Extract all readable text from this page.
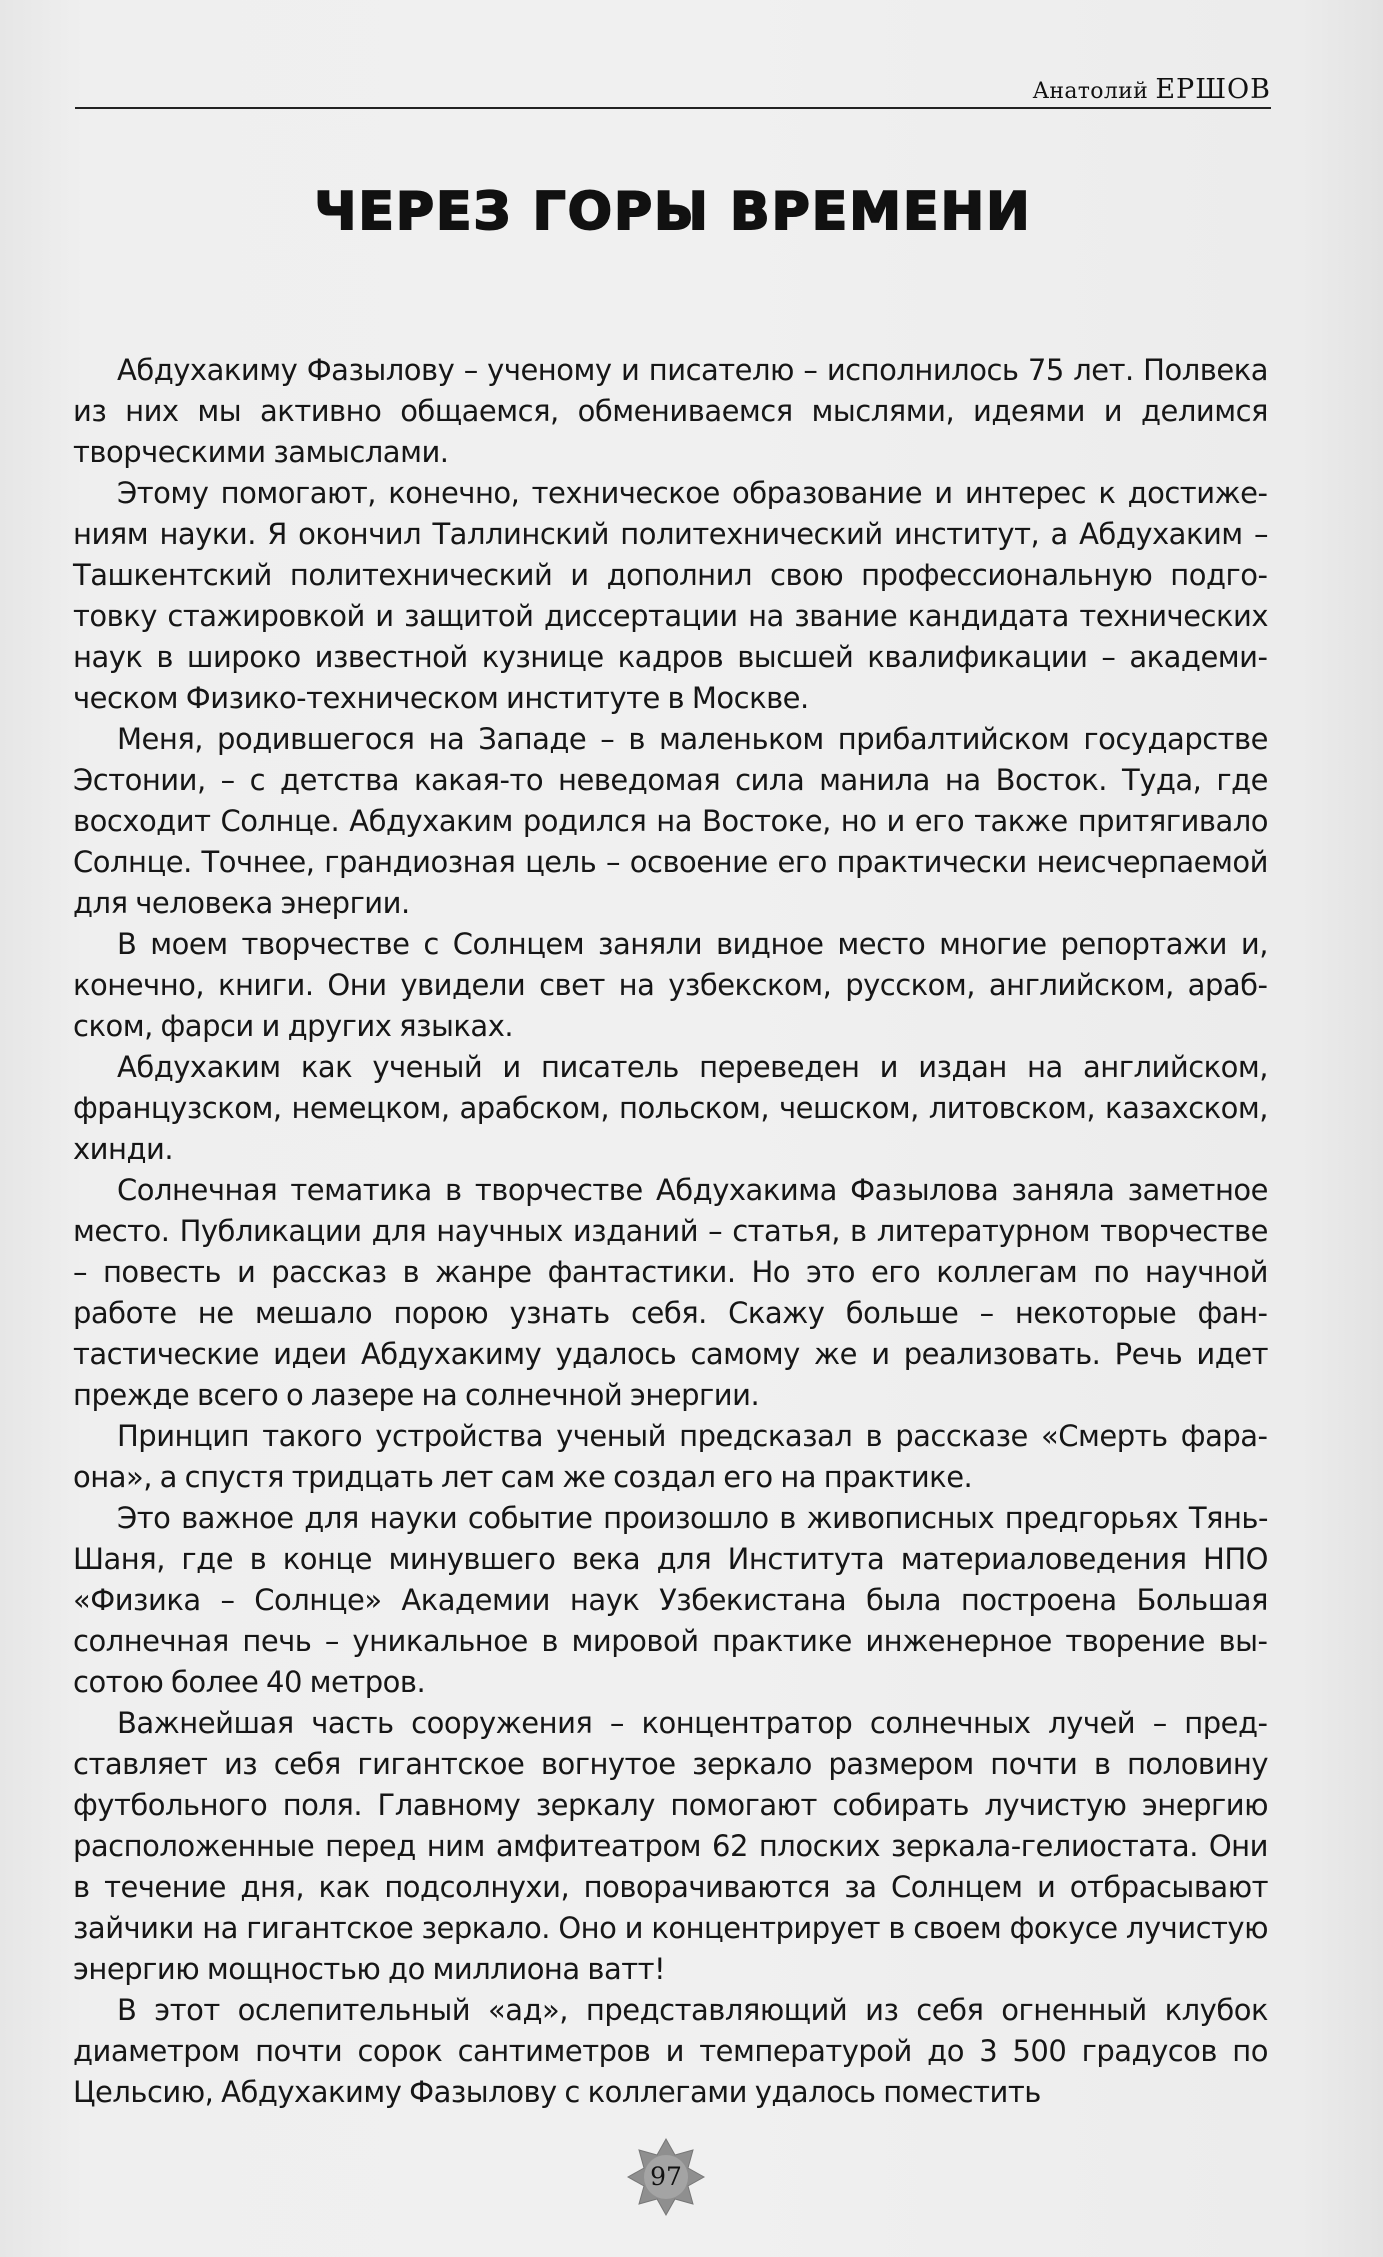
Анатолий ЕРШОВ
ЧЕРЕЗ ГОРЫ ВРЕМЕНИ

Абдухакиму Фазылову – ученому и писателю – исполнилось 75 лет. Полвека из них мы активно общаемся, обмениваемся мыслями, идеями и делимся творческими замыслами.

Этому помогают, конечно, техническое образование и интерес к достижениям науки. Я окончил Таллинский политехнический институт, а Абдухаким – Ташкентский политехнический и дополнил свою профессиональную подготовку стажировкой и защитой диссертации на звание кандидата технических наук в широко известной кузнице кадров высшей квалификации – академическом Физико-техническом институте в Москве.

Меня, родившегося на Западе – в маленьком прибалтийском государстве Эстонии, – с детства какая-то неведомая сила манила на Восток. Туда, где восходит Солнце. Абдухаким родился на Востоке, но и его также притягивало Солнце. Точнее, грандиозная цель – освоение его практически неисчерпаемой для человека энергии.

В моем творчестве с Солнцем заняли видное место многие репортажи и, конечно, книги. Они увидели свет на узбекском, русском, английском, арабском, фарси и других языках.

Абдухаким как ученый и писатель переведен и издан на английском, французском, немецком, арабском, польском, чешском, литовском, казахском, хинди.

Солнечная тематика в творчестве Абдухакима Фазылова заняла заметное место. Публикации для научных изданий – статья, в литературном творчестве – повесть и рассказ в жанре фантастики. Но это его коллегам по научной работе не мешало порою узнать себя. Скажу больше – некоторые фантастические идеи Абдухакиму удалось самому же и реализовать. Речь идет прежде всего о лазере на солнечной энергии.

Принцип такого устройства ученый предсказал в рассказе «Смерть фараона», а спустя тридцать лет сам же создал его на практике.

Это важное для науки событие произошло в живописных предгорьях Тянь-Шаня, где в конце минувшего века для Института материаловедения НПО «Физика – Солнце» Академии наук Узбекистана была построена Большая солнечная печь – уникальное в мировой практике инженерное творение высотою более 40 метров.

Важнейшая часть сооружения – концентратор солнечных лучей – представляет из себя гигантское вогнутое зеркало размером почти в половину футбольного поля. Главному зеркалу помогают собирать лучистую энергию расположенные перед ним амфитеатром 62 плоских зеркала-гелиостата. Они в течение дня, как подсолнухи, поворачиваются за Солнцем и отбрасывают зайчики на гигантское зеркало. Оно и концентрирует в своем фокусе лучистую энергию мощностью до миллиона ватт!

В этот ослепительный «ад», представляющий из себя огненный клубок диаметром почти сорок сантиметров и температурой до 3 500 градусов по Цельсию, Абдухакиму Фазылову с коллегами удалось поместить

97
